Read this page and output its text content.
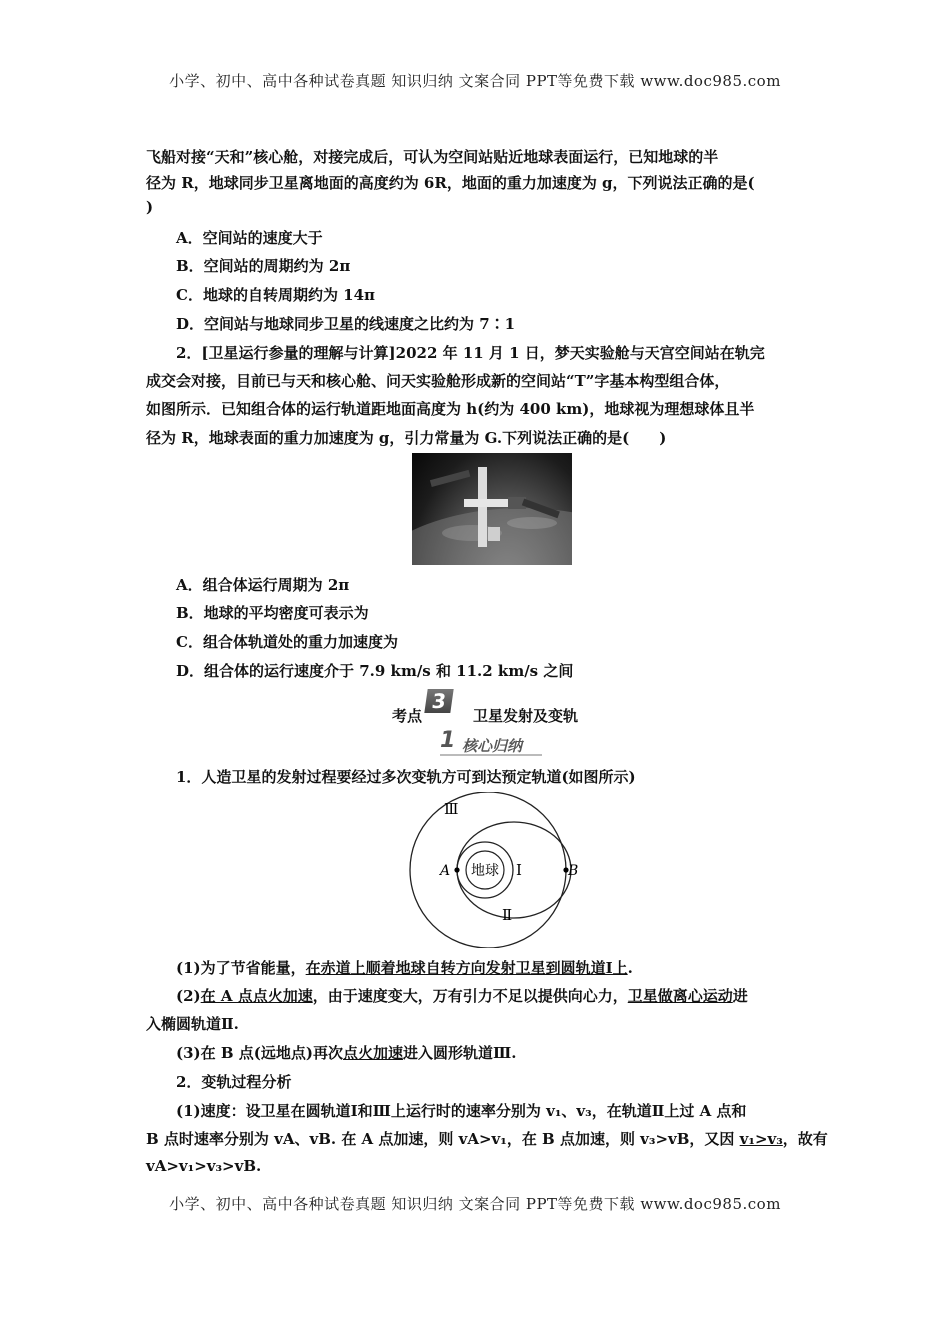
小学、初中、高中各种试卷真题 知识归纳 文案合同 PPT等免费下载 www.doc985.com
飞船对接“天和”核心舱，对接完成后，可认为空间站贴近地球表面运行，已知地球的半
径为 R，地球同步卫星离地面的高度约为 6R，地面的重力加速度为 g，下列说法正确的是(
)
A．空间站的速度大于
B．空间站的周期约为 2π
C．地球的自转周期约为 14π
D．空间站与地球同步卫星的线速度之比约为 7∶1
2．[卫星运行参量的理解与计算]2022 年 11 月 1 日，梦天实验舱与天宫空间站在轨完
成交会对接，目前已与天和核心舱、问天实验舱形成新的空间站“T”字基本构型组合体，
如图所示．已知组合体的运行轨道距地面高度为 h(约为 400 km)，地球视为理想球体且半
径为 R，地球表面的重力加速度为 g，引力常量为 G.下列说法正确的是(　　)
A．组合体运行周期为 2π
B．地球的平均密度可表示为
C．组合体轨道处的重力加速度为
D．组合体的运行速度介于 7.9 km/s 和 11.2 km/s 之间
考点
3
卫星发射及变轨
1 核心归纳
1．人造卫星的发射过程要经过多次变轨方可到达预定轨道(如图所示)
地球
A	B
Ⅰ
Ⅱ
Ⅲ
(1)为了节省能量，在赤道上顺着地球自转方向发射卫星到圆轨道Ⅰ上.
(2)在 A 点点火加速，由于速度变大，万有引力不足以提供向心力，卫星做离心运动进
入椭圆轨道Ⅱ.
(3)在 B 点(远地点)再次点火加速进入圆形轨道Ⅲ.
2．变轨过程分析
(1)速度：设卫星在圆轨道Ⅰ和Ⅲ上运行时的速率分别为 v₁、v₃，在轨道Ⅱ上过 A 点和
B 点时速率分别为 vA、vB. 在 A 点加速，则 vA>v₁，在 B 点加速，则 v₃>vB，又因 v₁>v₃，故有
vA>v₁>v₃>vB.
小学、初中、高中各种试卷真题 知识归纳 文案合同 PPT等免费下载 www.doc985.com
